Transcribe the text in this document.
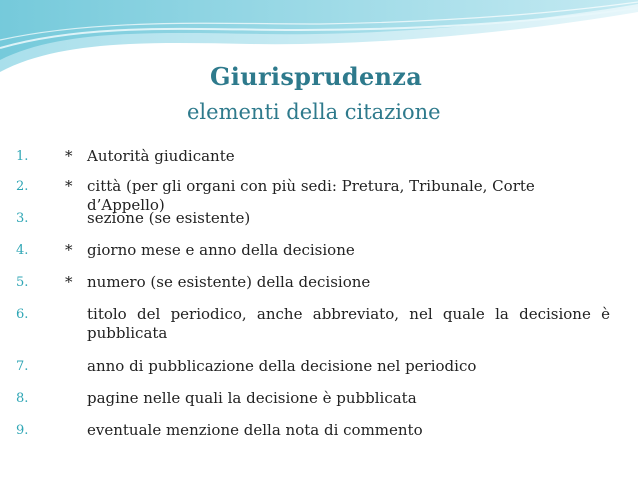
Giurisprudenza
elementi della citazione
1. * Autorità giudicante
2. * città (per gli organi con più sedi: Pretura, Tribunale, Corte d’Appello)
3.	sezione (se esistente)
4. * giorno mese e anno della decisione
5. * numero (se esistente) della decisione
6.	titolo del periodico, anche abbreviato, nel quale la decisione è pubblicata
7.	anno di pubblicazione della decisione nel periodico
8.	pagine nelle quali la decisione è pubblicata
9.	eventuale menzione della nota di commento
